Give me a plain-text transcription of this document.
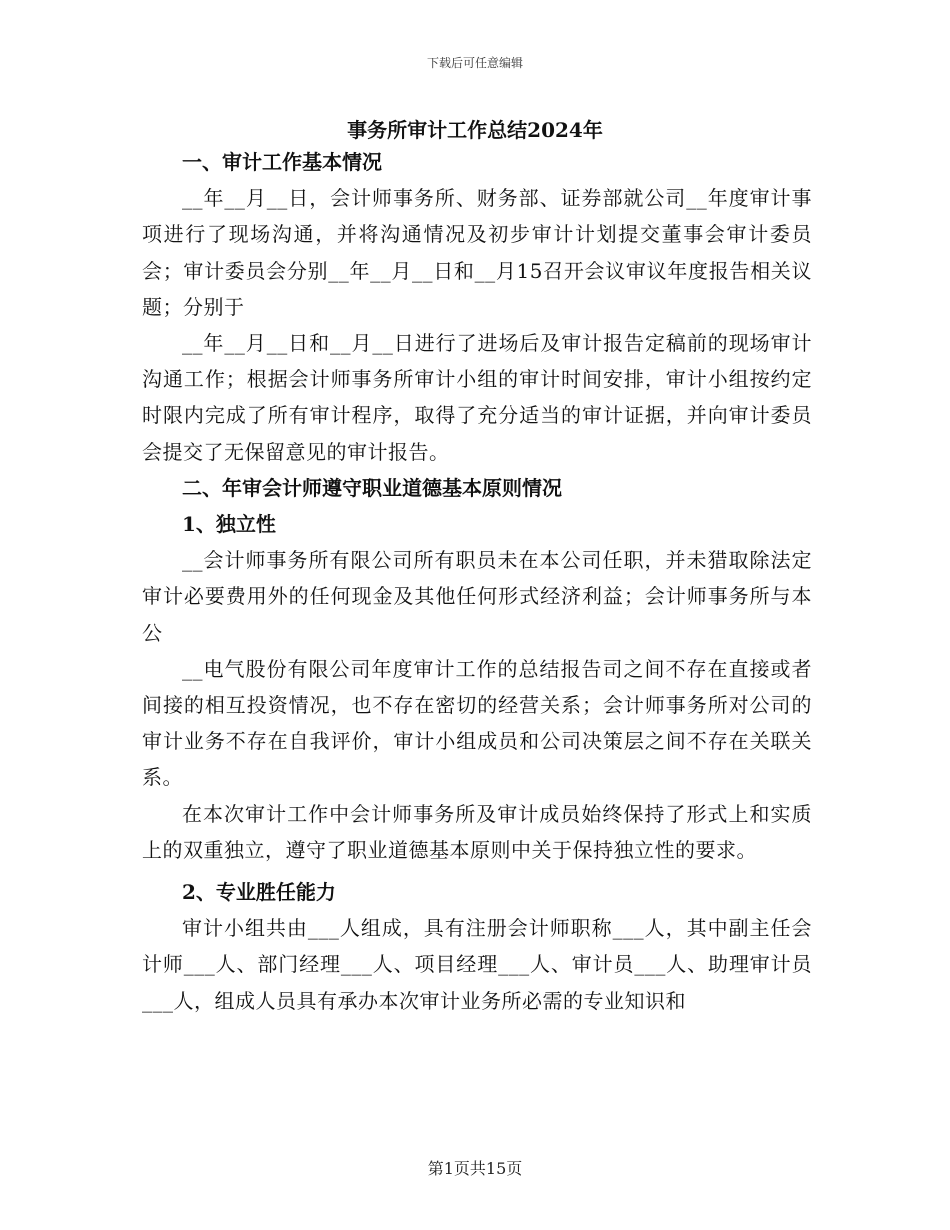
下载后可任意编辑
事务所审计工作总结2024年

一、审计工作基本情况

__年__月__日，会计师事务所、财务部、证券部就公司__年度审计事项进行了现场沟通，并将沟通情况及初步审计计划提交董事会审计委员会；审计委员会分别__年__月__日和__月15召开会议审议年度报告相关议题；分别于

__年__月__日和__月__日进行了进场后及审计报告定稿前的现场审计沟通工作；根据会计师事务所审计小组的审计时间安排，审计小组按约定时限内完成了所有审计程序，取得了充分适当的审计证据，并向审计委员会提交了无保留意见的审计报告。

二、年审会计师遵守职业道德基本原则情况

1、独立性

__会计师事务所有限公司所有职员未在本公司任职，并未猎取除法定审计必要费用外的任何现金及其他任何形式经济利益；会计师事务所与本公

__电气股份有限公司年度审计工作的总结报告司之间不存在直接或者间接的相互投资情况，也不存在密切的经营关系；会计师事务所对公司的审计业务不存在自我评价，审计小组成员和公司决策层之间不存在关联关系。

在本次审计工作中会计师事务所及审计成员始终保持了形式上和实质上的双重独立，遵守了职业道德基本原则中关于保持独立性的要求。

2、专业胜任能力

审计小组共由___人组成，具有注册会计师职称___人，其中副主任会计师___人、部门经理___人、项目经理___人、审计员___人、助理审计员___人，组成人员具有承办本次审计业务所必需的专业知识和

第1页共15页
